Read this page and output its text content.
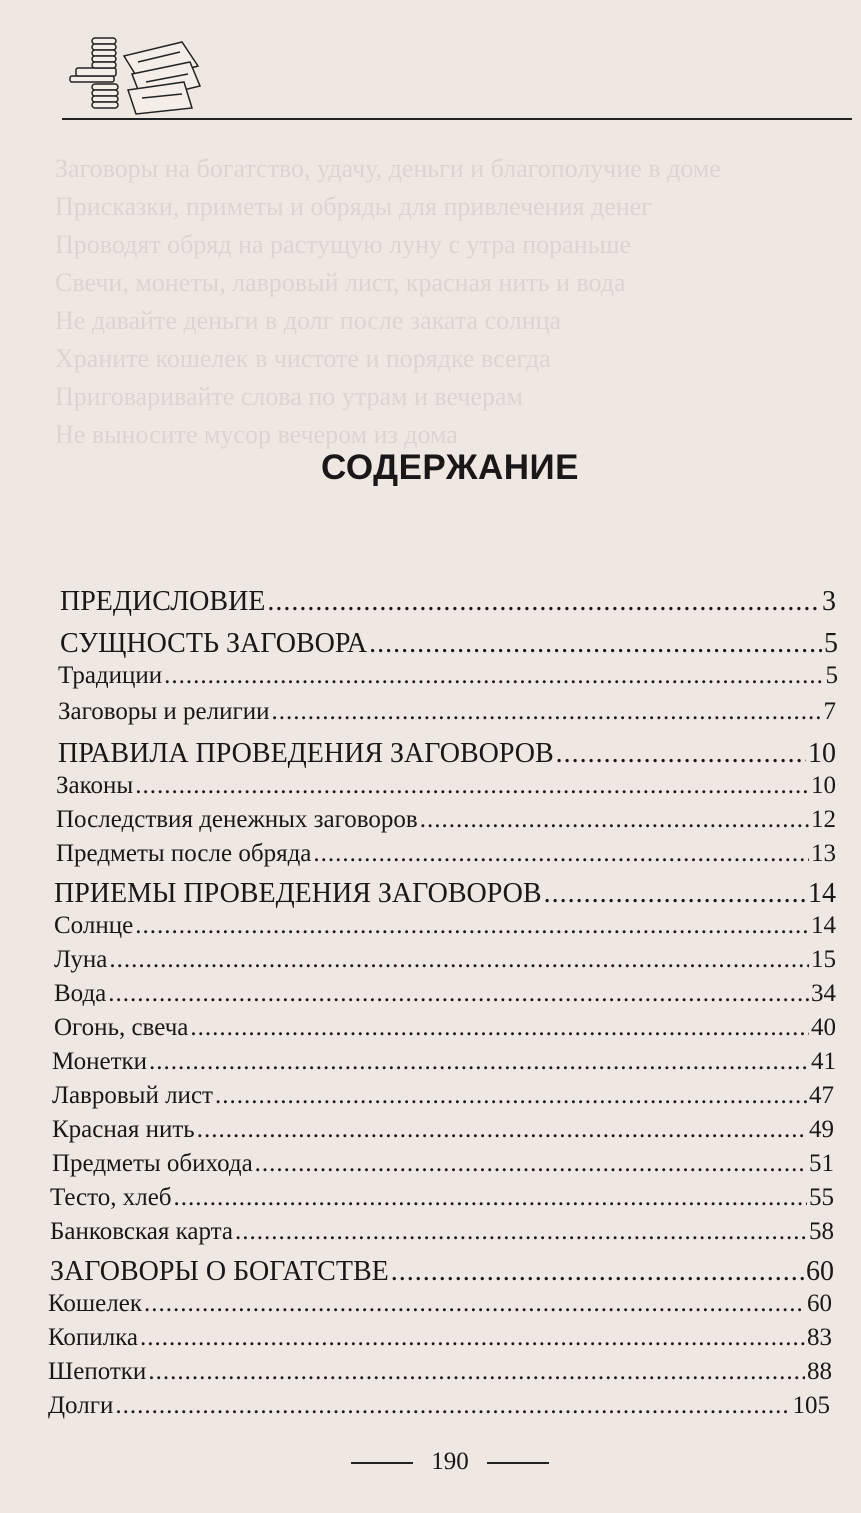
Заговоры на богатство, удачу, деньги и благополучие в доме
Присказки, приметы и обряды для привлечения денег
Проводят обряд на растущую луну с утра пораньше
Свечи, монеты, лавровый лист, красная нить и вода
Не давайте деньги в долг после заката солнца
Храните кошелек в чистоте и порядке всегда
Приговаривайте слова по утрам и вечерам
Не выносите мусор вечером из дома
СОДЕРЖАНИЕ
ПРЕДИСЛОВИЕ .....	3
СУЩНОСТЬ ЗАГОВОРА .....	5
Традиции .....	5
Заговоры и религии .....	7
ПРАВИЛА ПРОВЕДЕНИЯ ЗАГОВОРОВ .....	10
Законы .....	10
Последствия денежных заговоров .....	12
Предметы после обряда .....	13
ПРИЕМЫ ПРОВЕДЕНИЯ ЗАГОВОРОВ .....	14
Солнце .....	14
Луна .....	15
Вода .....	34
Огонь, свеча .....	40
Монетки .....	41
Лавровый лист .....	47
Красная нить .....	49
Предметы обихода .....	51
Тесто, хлеб .....	55
Банковская карта .....	58
ЗАГОВОРЫ О БОГАТСТВЕ .....	60
Кошелек .....	60
Копилка .....	83
Шепотки .....	88
Долги .....	105
190
